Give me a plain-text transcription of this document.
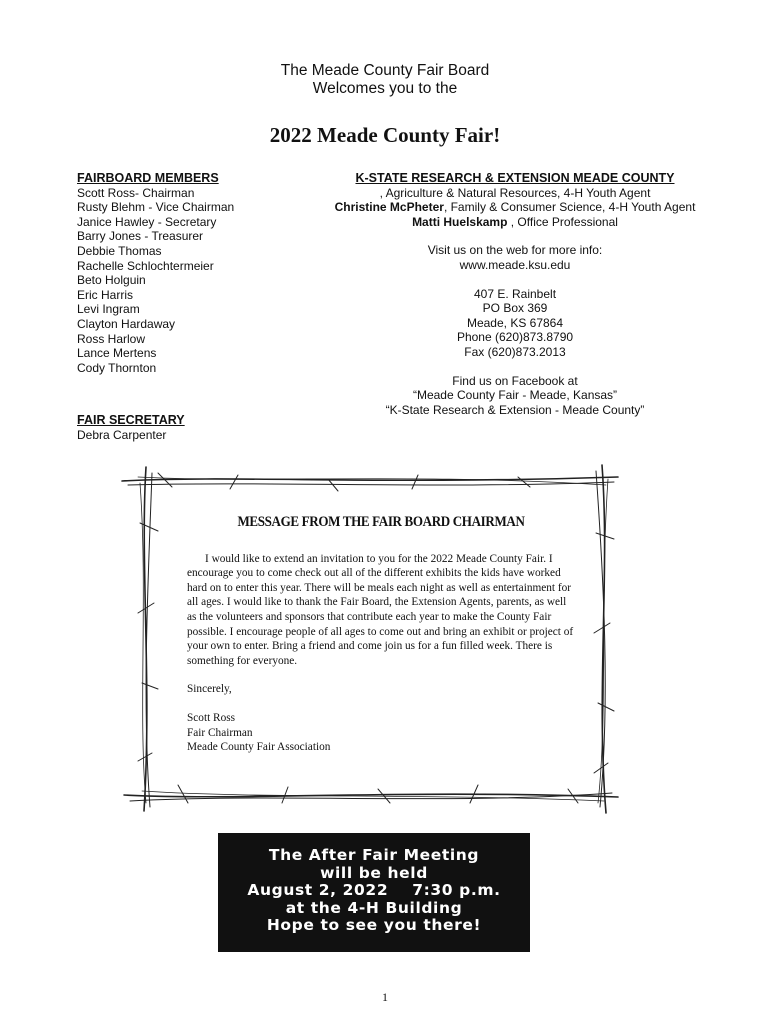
The Meade County Fair Board
Welcomes you to the
2022 Meade County Fair!
FAIRBOARD MEMBERS
Scott Ross- Chairman
Rusty Blehm - Vice Chairman
Janice Hawley - Secretary
Barry Jones - Treasurer
Debbie Thomas
Rachelle Schlochtermeier
Beto Holguin
Eric Harris
Levi Ingram
Clayton Hardaway
Ross Harlow
Lance Mertens
Cody Thornton
FAIR SECRETARY
Debra Carpenter
K-STATE RESEARCH & EXTENSION MEADE COUNTY
, Agriculture & Natural Resources, 4-H Youth Agent
Christine McPheter, Family & Consumer Science, 4-H Youth Agent
Matti Huelskamp , Office Professional
Visit us on the web for more info:
www.meade.ksu.edu
407 E. Rainbelt
PO Box 369
Meade, KS 67864
Phone (620)873.8790
Fax (620)873.2013
Find us on Facebook at
“Meade County Fair - Meade, Kansas”
“K-State Research & Extension - Meade County”
MESSAGE FROM THE FAIR BOARD CHAIRMAN
I would like to extend an invitation to you for the 2022 Meade County Fair. I encourage you to come check out all of the different exhibits the kids have worked hard on to enter this year. There will be meals each night as well as entertainment for all ages. I would like to thank the Fair Board, the Extension Agents, parents, as well as the volunteers and sponsors that contribute each year to make the County Fair possible. I encourage people of all ages to come out and bring an exhibit or project of your own to enter. Bring a friend and come join us for a fun filled week. There is something for everyone.
Sincerely,
Scott Ross
Fair Chairman
Meade County Fair Association
The After Fair Meeting
will be held
August 2, 2022    7:30 p.m.
at the 4-H Building
Hope to see you there!
1
